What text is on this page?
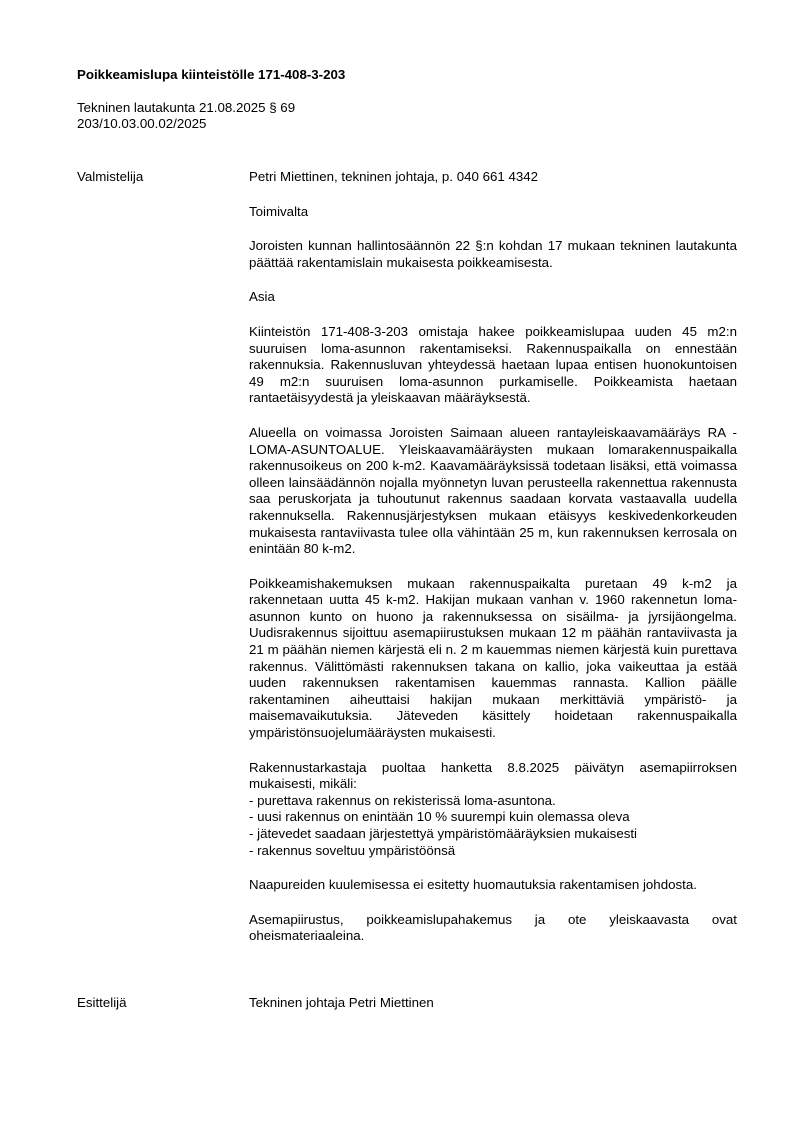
Poikkeamislupa kiinteistölle 171-408-3-203
Tekninen lautakunta 21.08.2025 § 69
203/10.03.00.02/2025
Valmistelija	Petri Miettinen, tekninen johtaja, p. 040 661 4342

Toimivalta

Joroisten kunnan hallintosäännön 22 §:n kohdan 17 mukaan tekninen lautakunta päättää rakentamislain mukaisesta poikkeamisesta.

Asia

Kiinteistön 171-408-3-203 omistaja hakee poikkeamislupaa uuden 45 m2:n suuruisen loma-asunnon rakentamiseksi. Rakennuspaikalla on ennestään rakennuksia. Rakennusluvan yhteydessä haetaan lupaa entisen huonokuntoisen 49 m2:n suuruisen loma-asunnon purkamiselle. Poikkeamista haetaan rantaetäisyydestä ja yleiskaavan määräyksestä.

Alueella on voimassa Joroisten Saimaan alueen rantayleiskaavamääräys RA - LOMA-ASUNTOALUE. Yleiskaavamääräysten mukaan lomarakennuspaikalla rakennusoikeus on 200 k-m2. Kaavamääräyksissä todetaan lisäksi, että voimassa olleen lainsäädännön nojalla myönnetyn luvan perusteella rakennettua rakennusta saa peruskorjata ja tuhoutunut rakennus saadaan korvata vastaavalla uudella rakennuksella. Rakennusjärjestyksen mukaan etäisyys keskivedenkorkeuden mukaisesta rantaviivasta tulee olla vähintään 25 m, kun rakennuksen kerrosala on enintään 80 k-m2.

Poikkeamishakemuksen mukaan rakennuspaikalta puretaan 49 k-m2 ja rakennetaan uutta 45 k-m2. Hakijan mukaan vanhan v. 1960 rakennetun loma-asunnon kunto on huono ja rakennuksessa on sisäilma- ja jyrsijäongelma. Uudisrakennus sijoittuu asemapiirustuksen mukaan 12 m päähän rantaviivasta ja 21 m päähän niemen kärjestä eli n. 2 m kauemmas niemen kärjestä kuin purettava rakennus. Välittömästi rakennuksen takana on kallio, joka vaikeuttaa ja estää uuden rakennuksen rakentamisen kauemmas rannasta. Kallion päälle rakentaminen aiheuttaisi hakijan mukaan merkittäviä ympäristö- ja maisemavaikutuksia. Jäteveden käsittely hoidetaan rakennuspaikalla ympäristönsuojelumääräysten mukaisesti.

Rakennustarkastaja puoltaa hanketta 8.8.2025 päivätyn asemapiirroksen mukaisesti, mikäli:
- purettava rakennus on rekisterissä loma-asuntona.
- uusi rakennus on enintään 10 % suurempi kuin olemassa oleva
- jätevedet saadaan järjestettyä ympäristömääräyksien mukaisesti
- rakennus soveltuu ympäristöönsä

Naapureiden kuulemisessa ei esitetty huomautuksia rakentamisen johdosta.

Asemapiirustus, poikkeamislupahakemus ja ote yleiskaavasta ovat oheismateriaaleina.

Esittelijä	Tekninen johtaja Petri Miettinen
